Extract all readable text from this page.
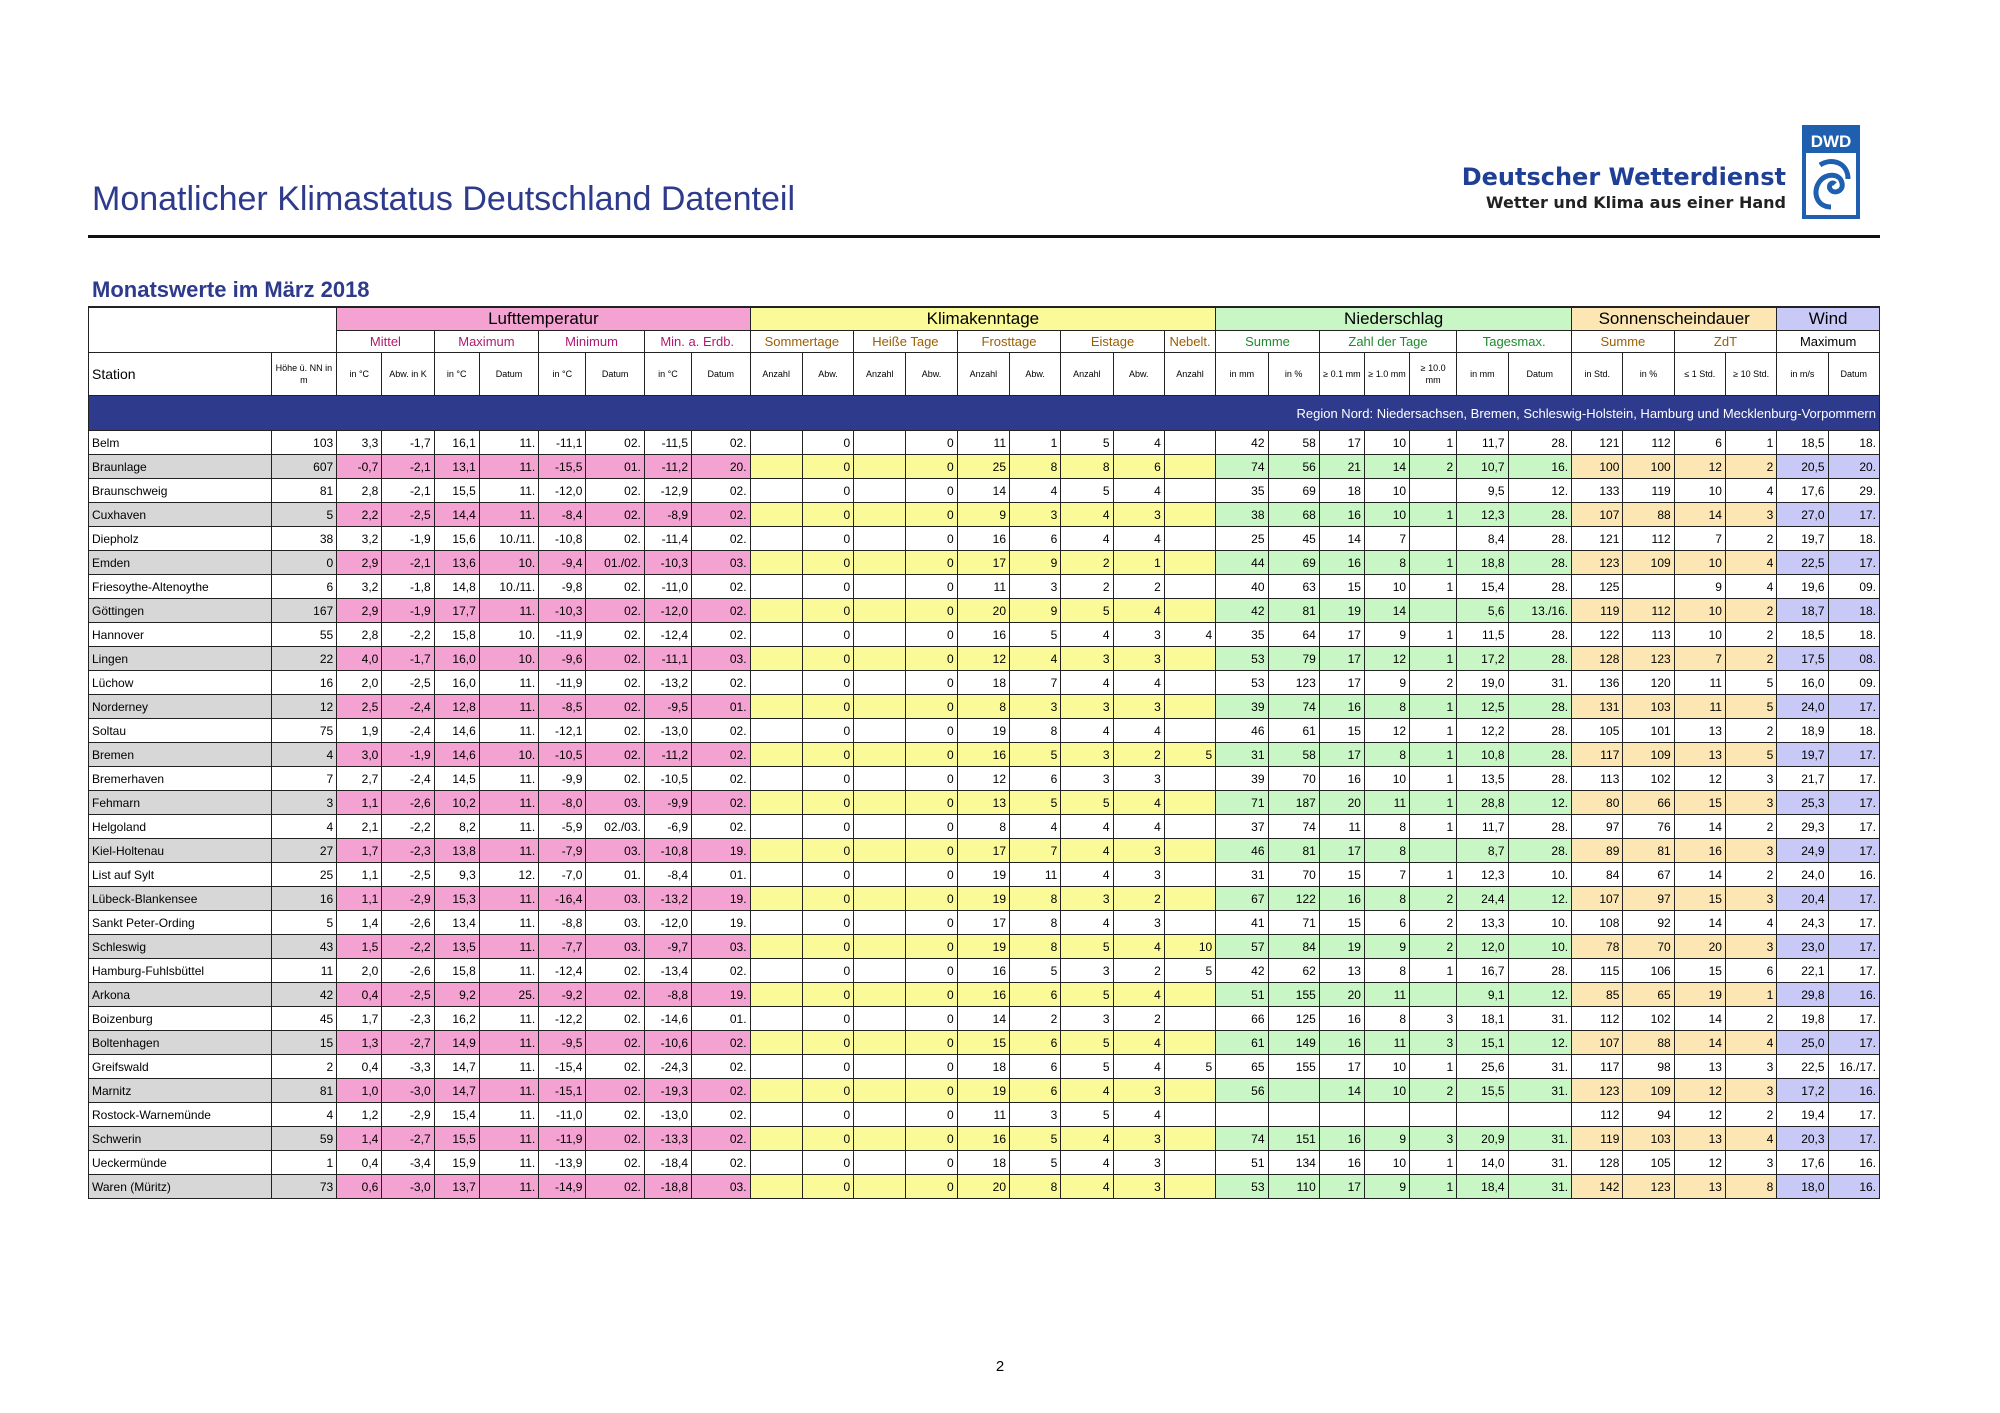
Monatlicher Klimastatus Deutschland Datenteil
Deutscher Wetterdienst
Wetter und Klima aus einer Hand
DWD
Monatswerte im März 2018
		Lufttemperatur								Klimakenntage									Niederschlag							Sonnenscheindauer				Wind	
		Mittel		Maximum		Minimum		Min. a. Erdb.		Sommertage		Heiße Tage		Frosttage		Eistage		Nebelt.	Summe		Zahl der Tage			Tagesmax.		Summe		ZdT		Maximum	
Station	Höhe ü. NN in m	in °C	Abw. in K	in °C	Datum	in °C	Datum	in °C	Datum	Anzahl	Abw.	Anzahl	Abw.	Anzahl	Abw.	Anzahl	Abw.	Anzahl	in mm	in %	≥ 0.1 mm	≥ 1.0 mm	≥ 10.0 mm	in mm	Datum	in Std.	in %	≤ 1 Std.	≥ 10 Std.	in m/s	Datum
Region Nord: Niedersachsen, Bremen, Schleswig-Holstein, Hamburg und Mecklenburg-Vorpommern																															
Belm	103	3,3	-1,7	16,1	11.	-11,1	02.	-11,5	02.		0		0	11	1	5	4		42	58	17	10	1	11,7	28.	121	112	6	1	18,5	18.
Braunlage	607	-0,7	-2,1	13,1	11.	-15,5	01.	-11,2	20.		0		0	25	8	8	6		74	56	21	14	2	10,7	16.	100	100	12	2	20,5	20.
Braunschweig	81	2,8	-2,1	15,5	11.	-12,0	02.	-12,9	02.		0		0	14	4	5	4		35	69	18	10		9,5	12.	133	119	10	4	17,6	29.
Cuxhaven	5	2,2	-2,5	14,4	11.	-8,4	02.	-8,9	02.		0		0	9	3	4	3		38	68	16	10	1	12,3	28.	107	88	14	3	27,0	17.
Diepholz	38	3,2	-1,9	15,6	10./11.	-10,8	02.	-11,4	02.		0		0	16	6	4	4		25	45	14	7		8,4	28.	121	112	7	2	19,7	18.
Emden	0	2,9	-2,1	13,6	10.	-9,4	01./02.	-10,3	03.		0		0	17	9	2	1		44	69	16	8	1	18,8	28.	123	109	10	4	22,5	17.
Friesoythe-Altenoythe	6	3,2	-1,8	14,8	10./11.	-9,8	02.	-11,0	02.		0		0	11	3	2	2		40	63	15	10	1	15,4	28.	125		9	4	19,6	09.
Göttingen	167	2,9	-1,9	17,7	11.	-10,3	02.	-12,0	02.		0		0	20	9	5	4		42	81	19	14		5,6	13./16.	119	112	10	2	18,7	18.
Hannover	55	2,8	-2,2	15,8	10.	-11,9	02.	-12,4	02.		0		0	16	5	4	3	4	35	64	17	9	1	11,5	28.	122	113	10	2	18,5	18.
Lingen	22	4,0	-1,7	16,0	10.	-9,6	02.	-11,1	03.		0		0	12	4	3	3		53	79	17	12	1	17,2	28.	128	123	7	2	17,5	08.
Lüchow	16	2,0	-2,5	16,0	11.	-11,9	02.	-13,2	02.		0		0	18	7	4	4		53	123	17	9	2	19,0	31.	136	120	11	5	16,0	09.
Norderney	12	2,5	-2,4	12,8	11.	-8,5	02.	-9,5	01.		0		0	8	3	3	3		39	74	16	8	1	12,5	28.	131	103	11	5	24,0	17.
Soltau	75	1,9	-2,4	14,6	11.	-12,1	02.	-13,0	02.		0		0	19	8	4	4		46	61	15	12	1	12,2	28.	105	101	13	2	18,9	18.
Bremen	4	3,0	-1,9	14,6	10.	-10,5	02.	-11,2	02.		0		0	16	5	3	2	5	31	58	17	8	1	10,8	28.	117	109	13	5	19,7	17.
Bremerhaven	7	2,7	-2,4	14,5	11.	-9,9	02.	-10,5	02.		0		0	12	6	3	3		39	70	16	10	1	13,5	28.	113	102	12	3	21,7	17.
Fehmarn	3	1,1	-2,6	10,2	11.	-8,0	03.	-9,9	02.		0		0	13	5	5	4		71	187	20	11	1	28,8	12.	80	66	15	3	25,3	17.
Helgoland	4	2,1	-2,2	8,2	11.	-5,9	02./03.	-6,9	02.		0		0	8	4	4	4		37	74	11	8	1	11,7	28.	97	76	14	2	29,3	17.
Kiel-Holtenau	27	1,7	-2,3	13,8	11.	-7,9	03.	-10,8	19.		0		0	17	7	4	3		46	81	17	8		8,7	28.	89	81	16	3	24,9	17.
List auf Sylt	25	1,1	-2,5	9,3	12.	-7,0	01.	-8,4	01.		0		0	19	11	4	3		31	70	15	7	1	12,3	10.	84	67	14	2	24,0	16.
Lübeck-Blankensee	16	1,1	-2,9	15,3	11.	-16,4	03.	-13,2	19.		0		0	19	8	3	2		67	122	16	8	2	24,4	12.	107	97	15	3	20,4	17.
Sankt Peter-Ording	5	1,4	-2,6	13,4	11.	-8,8	03.	-12,0	19.		0		0	17	8	4	3		41	71	15	6	2	13,3	10.	108	92	14	4	24,3	17.
Schleswig	43	1,5	-2,2	13,5	11.	-7,7	03.	-9,7	03.		0		0	19	8	5	4	10	57	84	19	9	2	12,0	10.	78	70	20	3	23,0	17.
Hamburg-Fuhlsbüttel	11	2,0	-2,6	15,8	11.	-12,4	02.	-13,4	02.		0		0	16	5	3	2	5	42	62	13	8	1	16,7	28.	115	106	15	6	22,1	17.
Arkona	42	0,4	-2,5	9,2	25.	-9,2	02.	-8,8	19.		0		0	16	6	5	4		51	155	20	11		9,1	12.	85	65	19	1	29,8	16.
Boizenburg	45	1,7	-2,3	16,2	11.	-12,2	02.	-14,6	01.		0		0	14	2	3	2		66	125	16	8	3	18,1	31.	112	102	14	2	19,8	17.
Boltenhagen	15	1,3	-2,7	14,9	11.	-9,5	02.	-10,6	02.		0		0	15	6	5	4		61	149	16	11	3	15,1	12.	107	88	14	4	25,0	17.
Greifswald	2	0,4	-3,3	14,7	11.	-15,4	02.	-24,3	02.		0		0	18	6	5	4	5	65	155	17	10	1	25,6	31.	117	98	13	3	22,5	16./17.
Marnitz	81	1,0	-3,0	14,7	11.	-15,1	02.	-19,3	02.		0		0	19	6	4	3		56		14	10	2	15,5	31.	123	109	12	3	17,2	16.
Rostock-Warnemünde	4	1,2	-2,9	15,4	11.	-11,0	02.	-13,0	02.		0		0	11	3	5	4									112	94	12	2	19,4	17.
Schwerin	59	1,4	-2,7	15,5	11.	-11,9	02.	-13,3	02.		0		0	16	5	4	3		74	151	16	9	3	20,9	31.	119	103	13	4	20,3	17.
Ueckermünde	1	0,4	-3,4	15,9	11.	-13,9	02.	-18,4	02.		0		0	18	5	4	3		51	134	16	10	1	14,0	31.	128	105	12	3	17,6	16.
Waren (Müritz)	73	0,6	-3,0	13,7	11.	-14,9	02.	-18,8	03.		0		0	20	8	4	3		53	110	17	9	1	18,4	31.	142	123	13	8	18,0	16.
2
